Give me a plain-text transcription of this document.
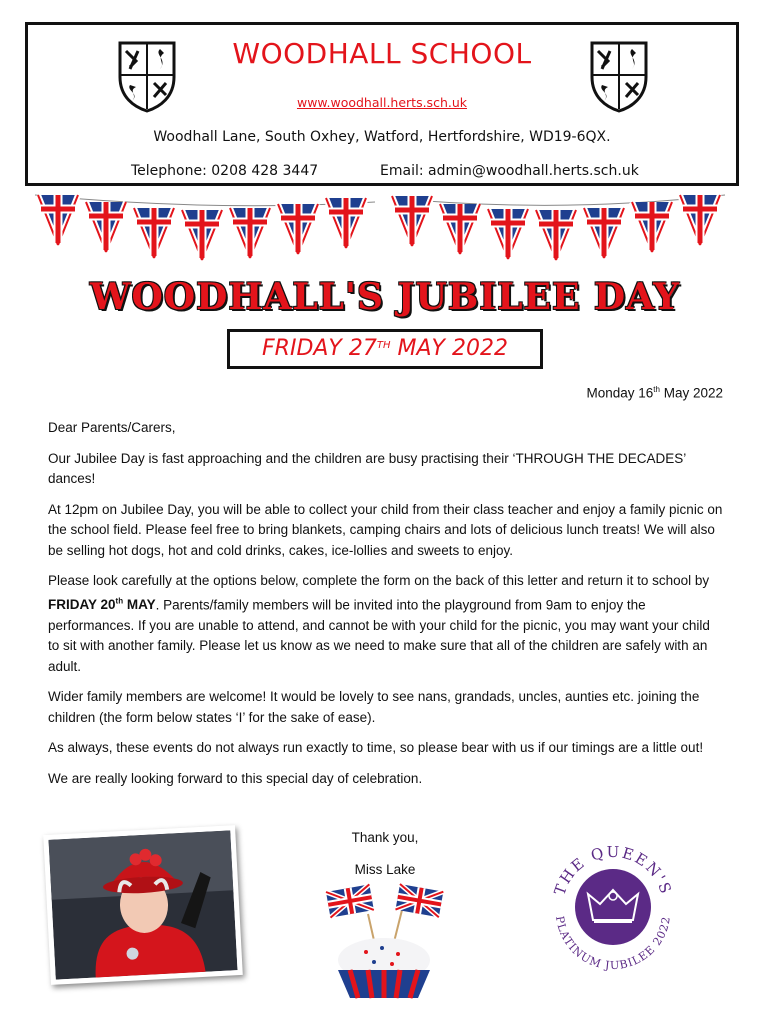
WOODHALL SCHOOL
www.woodhall.herts.sch.uk
Woodhall Lane, South Oxhey, Watford, Hertfordshire, WD19-6QX.
Telephone: 0208 428 3447	Email: admin@woodhall.herts.sch.uk
WOODHALL'S JUBILEE DAY
FRIDAY 27TH MAY 2022
Monday 16th May 2022

Dear Parents/Carers,

Our Jubilee Day is fast approaching and the children are busy practising their ‘THROUGH THE DECADES’ dances!

At 12pm on Jubilee Day, you will be able to collect your child from their class teacher and enjoy a family picnic on the school field. Please feel free to bring blankets, camping chairs and lots of delicious lunch treats! We will also be selling hot dogs, hot and cold drinks, cakes, ice-lollies and sweets to enjoy.

Please look carefully at the options below, complete the form on the back of this letter and return it to school by FRIDAY 20th MAY. Parents/family members will be invited into the playground from 9am to enjoy the performances. If you are unable to attend, and cannot be with your child for the picnic, you may want your child to sit with another family. Please let us know as we need to make sure that all of the children are safely with an adult.

Wider family members are welcome! It would be lovely to see nans, grandads, uncles, aunties etc. joining the children (the form below states ‘I’ for the sake of ease).

As always, these events do not always run exactly to time, so please bear with us if our timings are a little out!

We are really looking forward to this special day of celebration.

Thank you,
Miss Lake
THE QUEEN'S
PLATINUM JUBILEE 2022
